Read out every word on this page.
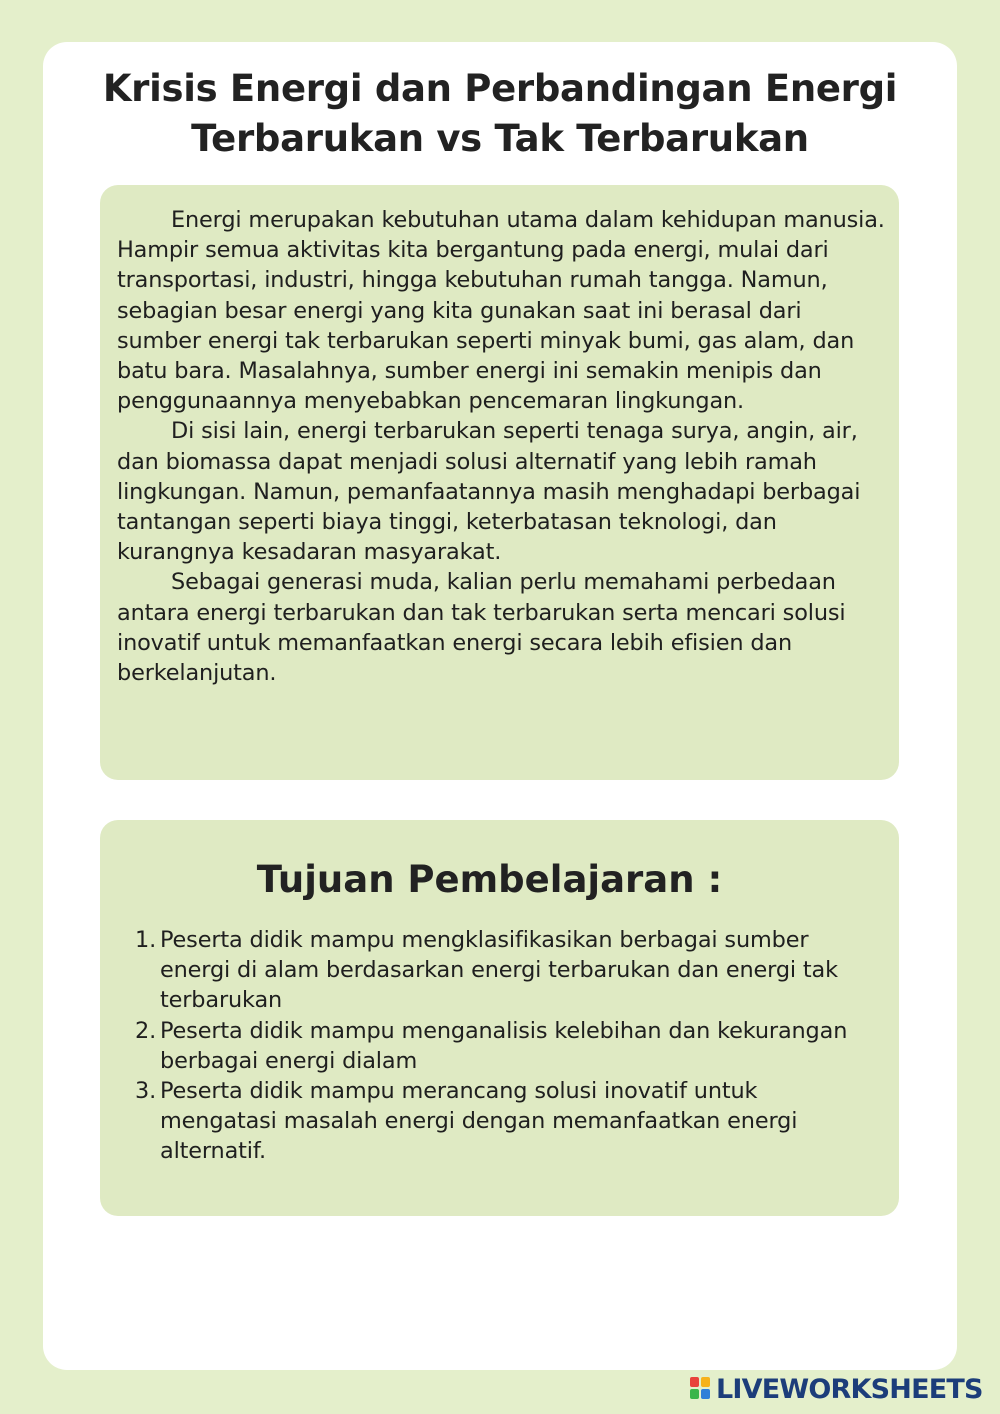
Krisis Energi dan Perbandingan Energi
Terbarukan vs Tak Terbarukan

Energi merupakan kebutuhan utama dalam kehidupan manusia. Hampir semua aktivitas kita bergantung pada energi, mulai dari transportasi, industri, hingga kebutuhan rumah tangga. Namun, sebagian besar energi yang kita gunakan saat ini berasal dari sumber energi tak terbarukan seperti minyak bumi, gas alam, dan batu bara. Masalahnya, sumber energi ini semakin menipis dan penggunaannya menyebabkan pencemaran lingkungan.

Di sisi lain, energi terbarukan seperti tenaga surya, angin, air, dan biomassa dapat menjadi solusi alternatif yang lebih ramah lingkungan. Namun, pemanfaatannya masih menghadapi berbagai tantangan seperti biaya tinggi, keterbatasan teknologi, dan kurangnya kesadaran masyarakat.

Sebagai generasi muda, kalian perlu memahami perbedaan antara energi terbarukan dan tak terbarukan serta mencari solusi inovatif untuk memanfaatkan energi secara lebih efisien dan berkelanjutan.

Tujuan Pembelajaran :
1. Peserta didik mampu mengklasifikasikan berbagai sumber energi di alam berdasarkan energi terbarukan dan energi tak terbarukan
2. Peserta didik mampu menganalisis kelebihan dan kekurangan berbagai energi dialam
3. Peserta didik mampu merancang solusi inovatif untuk mengatasi masalah energi dengan memanfaatkan energi alternatif.
LIVEWORKSHEETS
